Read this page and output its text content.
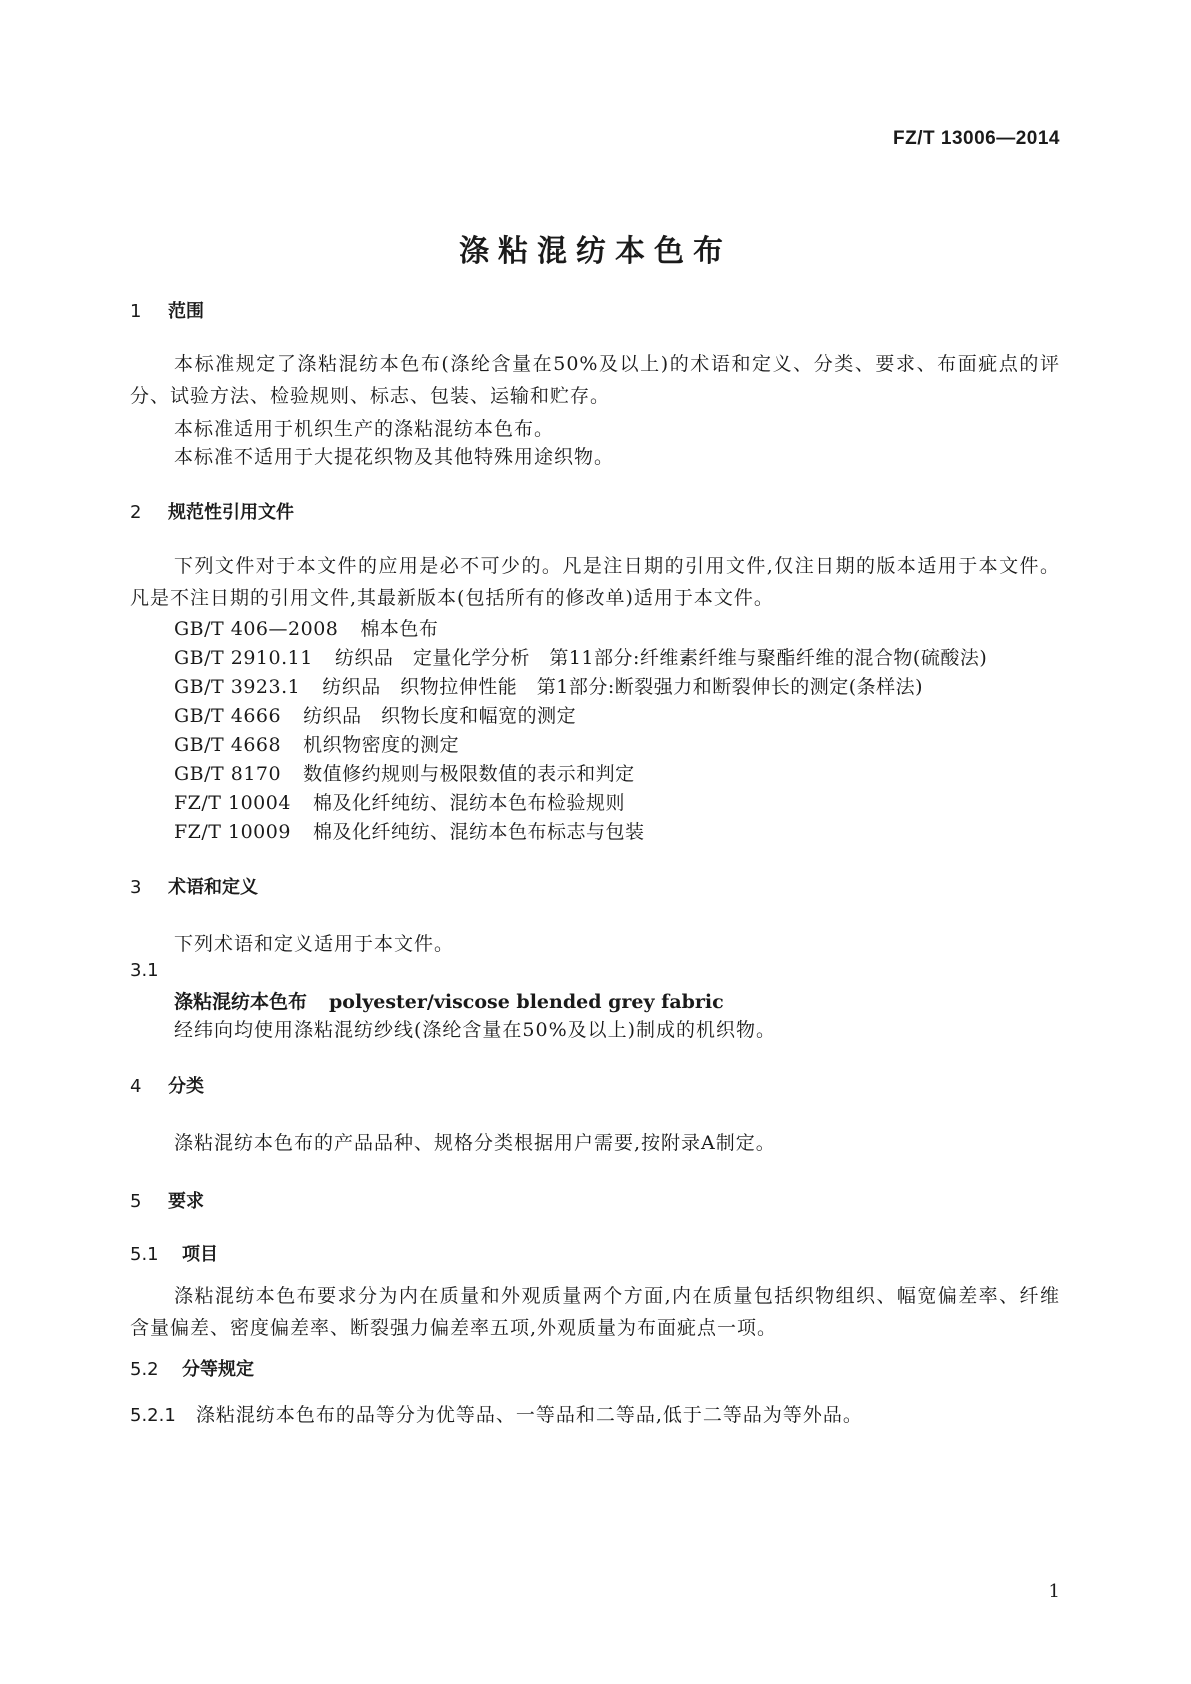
FZ/T 13006—2014
涤粘混纺本色布
1 范围
本标准规定了涤粘混纺本色布(涤纶含量在50%及以上)的术语和定义、分类、要求、布面疵点的评分、试验方法、检验规则、标志、包装、运输和贮存。
本标准适用于机织生产的涤粘混纺本色布。
本标准不适用于大提花织物及其他特殊用途织物。
2 规范性引用文件
下列文件对于本文件的应用是必不可少的。凡是注日期的引用文件,仅注日期的版本适用于本文件。凡是不注日期的引用文件,其最新版本(包括所有的修改单)适用于本文件。
GB/T 406—2008 棉本色布
GB/T 2910.11 纺织品　定量化学分析　第11部分:纤维素纤维与聚酯纤维的混合物(硫酸法)
GB/T 3923.1 纺织品　织物拉伸性能　第1部分:断裂强力和断裂伸长的测定(条样法)
GB/T 4666 纺织品　织物长度和幅宽的测定
GB/T 4668 机织物密度的测定
GB/T 8170 数值修约规则与极限数值的表示和判定
FZ/T 10004 棉及化纤纯纺、混纺本色布检验规则
FZ/T 10009 棉及化纤纯纺、混纺本色布标志与包装
3 术语和定义
下列术语和定义适用于本文件。
3.1
涤粘混纺本色布 polyester/viscose blended grey fabric
经纬向均使用涤粘混纺纱线(涤纶含量在50%及以上)制成的机织物。
4 分类
涤粘混纺本色布的产品品种、规格分类根据用户需要,按附录A制定。
5 要求
5.1 项目
涤粘混纺本色布要求分为内在质量和外观质量两个方面,内在质量包括织物组织、幅宽偏差率、纤维含量偏差、密度偏差率、断裂强力偏差率五项,外观质量为布面疵点一项。
5.2 分等规定
5.2.1 涤粘混纺本色布的品等分为优等品、一等品和二等品,低于二等品为等外品。
1
